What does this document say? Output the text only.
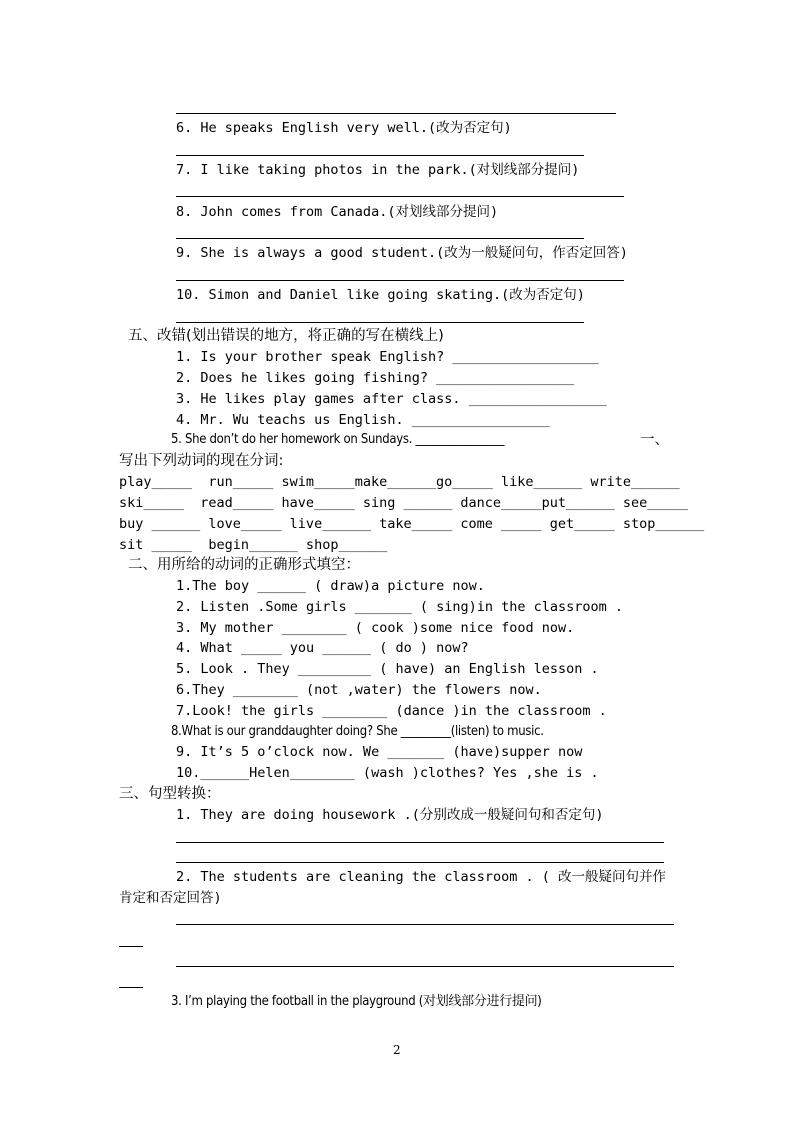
6. He speaks English very well.(改为否定句)
7. I like taking photos in the park.(对划线部分提问)
8. John comes from Canada.(对划线部分提问)
9. She is always a good student.(改为一般疑问句，作否定回答)
10. Simon and Daniel like going skating.(改为否定句)
五、改错(划出错误的地方，将正确的写在横线上)
1. Is your brother speak English? __________________
2. Does he likes going fishing? _________________
3. He likes play games after class. _________________
4. Mr. Wu teachs us English. _________________
5. She don’t do her homework on Sundays. ________________	一、
写出下列动词的现在分词:
play_____  run_____ swim_____make______go_____ like______ write______
ski_____  read_____ have_____ sing ______ dance_____put______ see_____
buy ______ love_____ live______ take_____ come _____ get_____ stop______
sit _____  begin______ shop______
二、用所给的动词的正确形式填空：
1.The boy ______ ( draw)a picture now.
2. Listen .Some girls _______ ( sing)in the classroom .
3. My mother ________ ( cook )some nice food now.
4. What _____ you ______ ( do ) now?
5. Look . They _________ ( have) an English lesson .
6.They ________ (not ,water) the flowers now.
7.Look! the girls ________ (dance )in the classroom .
8.What is our granddaughter doing? She _________(listen) to music.
9. It’s 5 o’clock now. We _______ (have)supper now
10.______Helen________ (wash )clothes? Yes ,she is .
三、句型转换：
1. They are doing housework .(分别改成一般疑问句和否定句)
2. The students are cleaning the classroom . ( 改一般疑问句并作
肯定和否定回答)
3. I’m playing the football in the playground (对划线部分进行提问)
2
